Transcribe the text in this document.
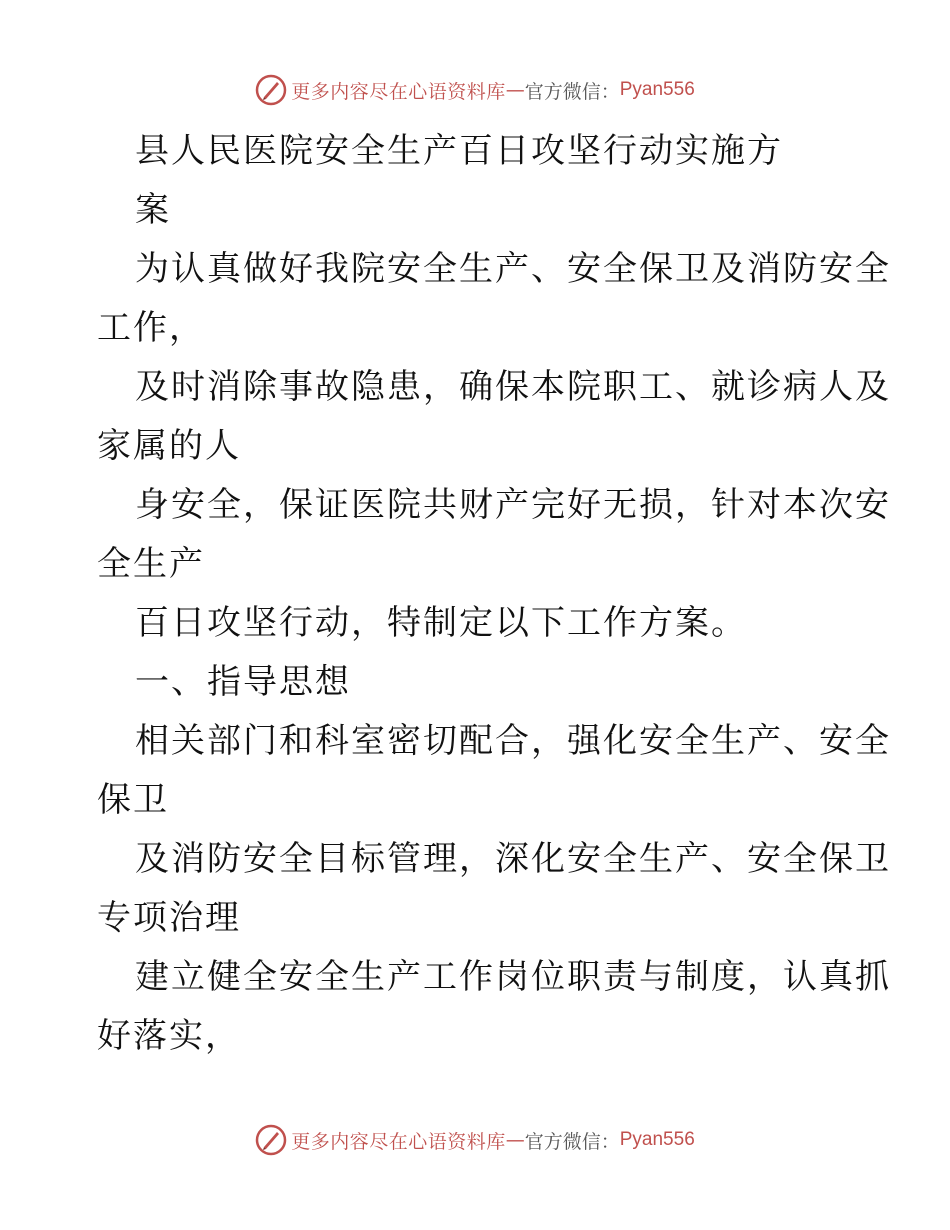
更多内容尽在心语资料库 — 官方微信： Pyan556
县人民医院安全生产百日攻坚行动实施方
案
为认真做好我院安全生产、安全保卫及消防安全
工作，
及时消除事故隐患，确保本院职工、就诊病人及
家属的人
身安全，保证医院共财产完好无损，针对本次安
全生产
百日攻坚行动，特制定以下工作方案。
一、指导思想
相关部门和科室密切配合，强化安全生产、安全
保卫
及消防安全目标管理，深化安全生产、安全保卫
专项治理
建立健全安全生产工作岗位职责与制度，认真抓
好落实，
更多内容尽在心语资料库 — 官方微信： Pyan556
